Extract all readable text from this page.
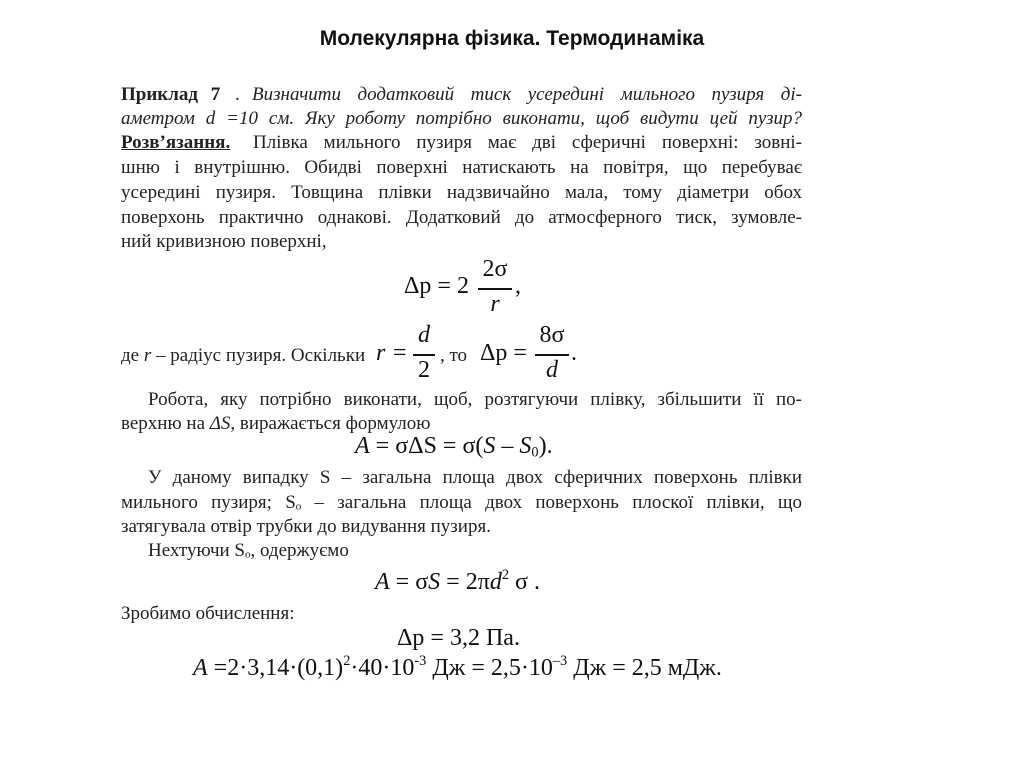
Молекулярна фізика. Термодинаміка
Приклад 7 . Визначити додатковий тиск усередині мильного пузиря ді-
аметром d =10 см. Яку роботу потрібно виконати, щоб видути цей пузир?
Розв’язання. Плівка мильного пузиря має дві сферичні поверхні: зовні-
шню і внутрішню. Обидві поверхні натискають на повітря, що перебуває
усередині пузиря. Товщина плівки надзвичайно мала, тому діаметри обох
поверхонь практично однакові. Додатковий до атмосферного тиск, зумовле-
ний кривизною поверхні,
Δp = 2
2σ
r
,
де r – радіус пузиря. Оскільки r =
d
2
, то Δp =
8σ
d
.
Робота, яку потрібно виконати, щоб, розтягуючи плівку, збільшити її по-
верхню на ΔS, виражається формулою
$A = \sigma\Delta S = \sigma(S - S_0)$.
У даному випадку S – загальна площа двох сферичних поверхонь плівки
мильного пузиря; Sₒ – загальна площа двох поверхонь плоскої плівки, що
затягувала отвір трубки до видування пузиря.
Нехтуючи Sₒ, одержуємо
$A = \sigma S = 2\pi d^2$ σ .
Зробимо обчислення:
Δp = 3,2 Па.
$A =2\cdot 3,14\cdot(0,1)^2\cdot 40\cdot 10^{-3}$ Дж = $2,5\cdot 10^{-3}$ Дж = 2,5 мДж.
